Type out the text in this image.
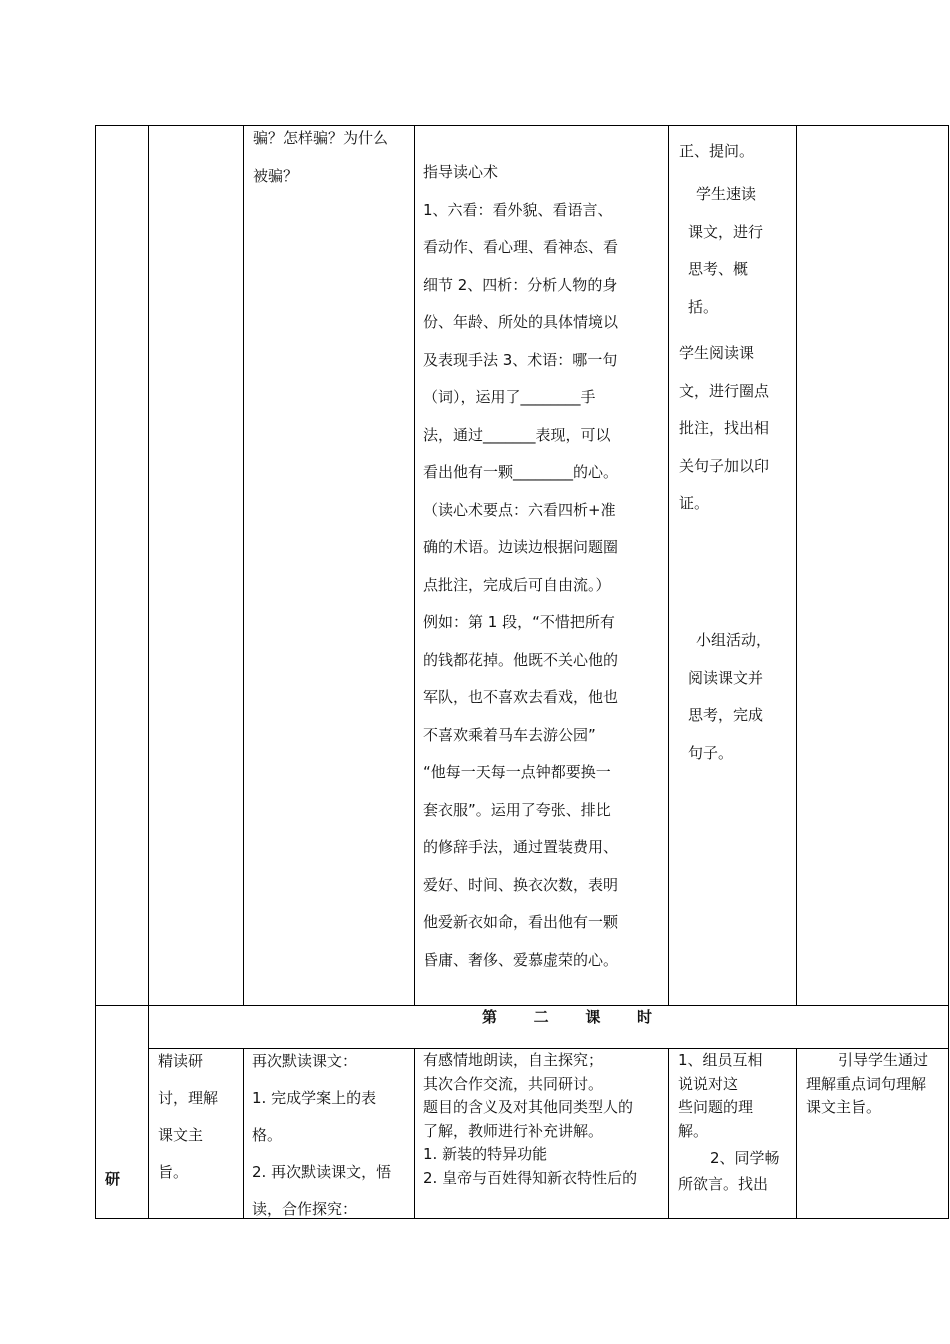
骗？怎样骗？为什么
被骗？	指导读心术
1、六看：看外貌、看语言、
看动作、看心理、看神态、看
细节 2、四析：分析人物的身
份、年龄、所处的具体情境以
及表现手法 3、术语：哪一句
（词），运用了________手
法，通过_______表现，可以
看出他有一颗________的心。
（读心术要点：六看四析+准
确的术语。边读边根据问题圈
点批注，完成后可自由流。）
例如：第 1 段，“不惜把所有
的钱都花掉。他既不关心他的
军队，也不喜欢去看戏，他也
不喜欢乘着马车去游公园”
“他每一天每一点钟都要换一
套衣服”。运用了夸张、排比
的修辞手法，通过置装费用、
爱好、时间、换衣次数，表明
他爱新衣如命，看出他有一颗
昏庸、奢侈、爱慕虚荣的心。
正、提问。
学生速读
课文，进行
思考、概
括。
学生阅读课
文，进行圈点
批注，找出相
关句子加以印
证。
小组活动，
阅读课文并
思考，完成
句子。
第 二 课 时
研
精读研
讨，理解
课文主
旨。
再次默读课文：
1. 完成学案上的表
格。
2. 再次默读课文，悟
读，合作探究：
有感情地朗读，自主探究；
其次合作交流，共同研讨。
题目的含义及对其他同类型人的
了解，教师进行补充讲解。
1. 新装的特异功能
2. 皇帝与百姓得知新衣特性后的
1、组员互相
说说对这
些问题的理
解。
2、同学畅
所欲言。找出
引导学生通过
理解重点词句理解
课文主旨。
